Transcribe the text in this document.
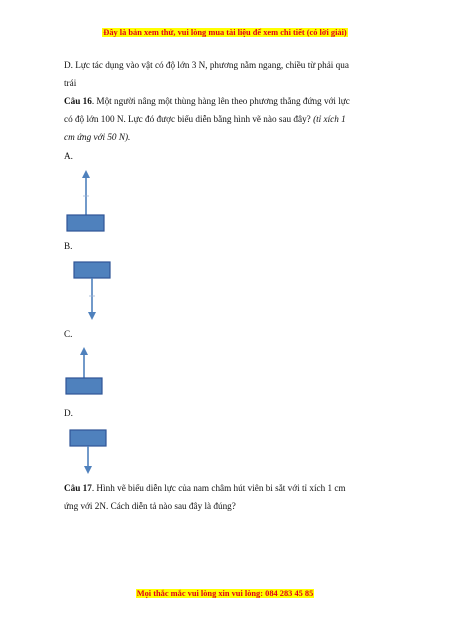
Đây là bản xem thử, vui lòng mua tài liệu để xem chi tiết (có lời giải)
D. Lực tác dụng vào vật có độ lớn 3 N, phương nằm ngang, chiều từ phải qua
trái
Câu 16. Một người nâng một thùng hàng lên theo phương thẳng đứng với lực
có độ lớn 100 N. Lực đó được biểu diễn bằng hình vẽ nào sau đây? (tỉ xích 1
cm ứng với 50 N).
A.
B.
C.
D.
Câu 17. Hình vẽ biểu diễn lực của nam châm hút viên bi sắt với tỉ xích 1 cm
ứng với 2N. Cách diễn tả nào sau đây là đúng?
Mọi thắc mắc vui lòng xin vui lòng: 084 283 45 85
